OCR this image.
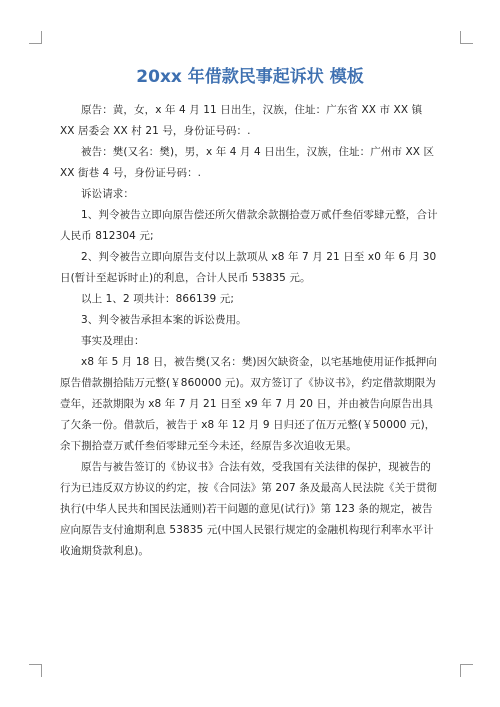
20xx 年借款民事起诉状 模板

原告：黄，女，x 年 4 月 11 日出生，汉族，住址：广东省 XX 市 XX 镇 XX 居委会 XX 村 21 号，身份证号码：.

被告：樊(又名：樊)，男，x 年 4 月 4 日出生，汉族，住址：广州市 XX 区 XX 街巷 4 号，身份证号码：.

诉讼请求：

1、判令被告立即向原告偿还所欠借款余款捌拾壹万贰仟叁佰零肆元整，合计人民币 812304 元;

2、判令被告立即向原告支付以上款项从 x8 年 7 月 21 日至 x0 年 6 月 30 日(暂计至起诉时止)的利息，合计人民币 53835 元。

以上 1、2 项共计：866139 元;

3、判令被告承担本案的诉讼费用。

事实及理由：

x8 年 5 月 18 日，被告樊(又名：樊)因欠缺资金，以宅基地使用证作抵押向原告借款捌拾陆万元整(￥860000 元)。双方签订了《协议书》，约定借款期限为壹年，还款期限为 x8 年 7 月 21 日至 x9 年 7 月 20 日，并由被告向原告出具了欠条一份。借款后，被告于 x8 年 12 月 9 日归还了伍万元整(￥50000 元)，余下捌拾壹万贰仟叁佰零肆元至今未还，经原告多次追收无果。

原告与被告签订的《协议书》合法有效，受我国有关法律的保护，现被告的行为已违反双方协议的约定，按《合同法》第 207 条及最高人民法院《关于贯彻执行(中华人民共和国民法通则)若干问题的意见(试行)》第 123 条的规定，被告应向原告支付逾期利息 53835 元(中国人民银行规定的金融机构现行利率水平计收逾期贷款利息)。
